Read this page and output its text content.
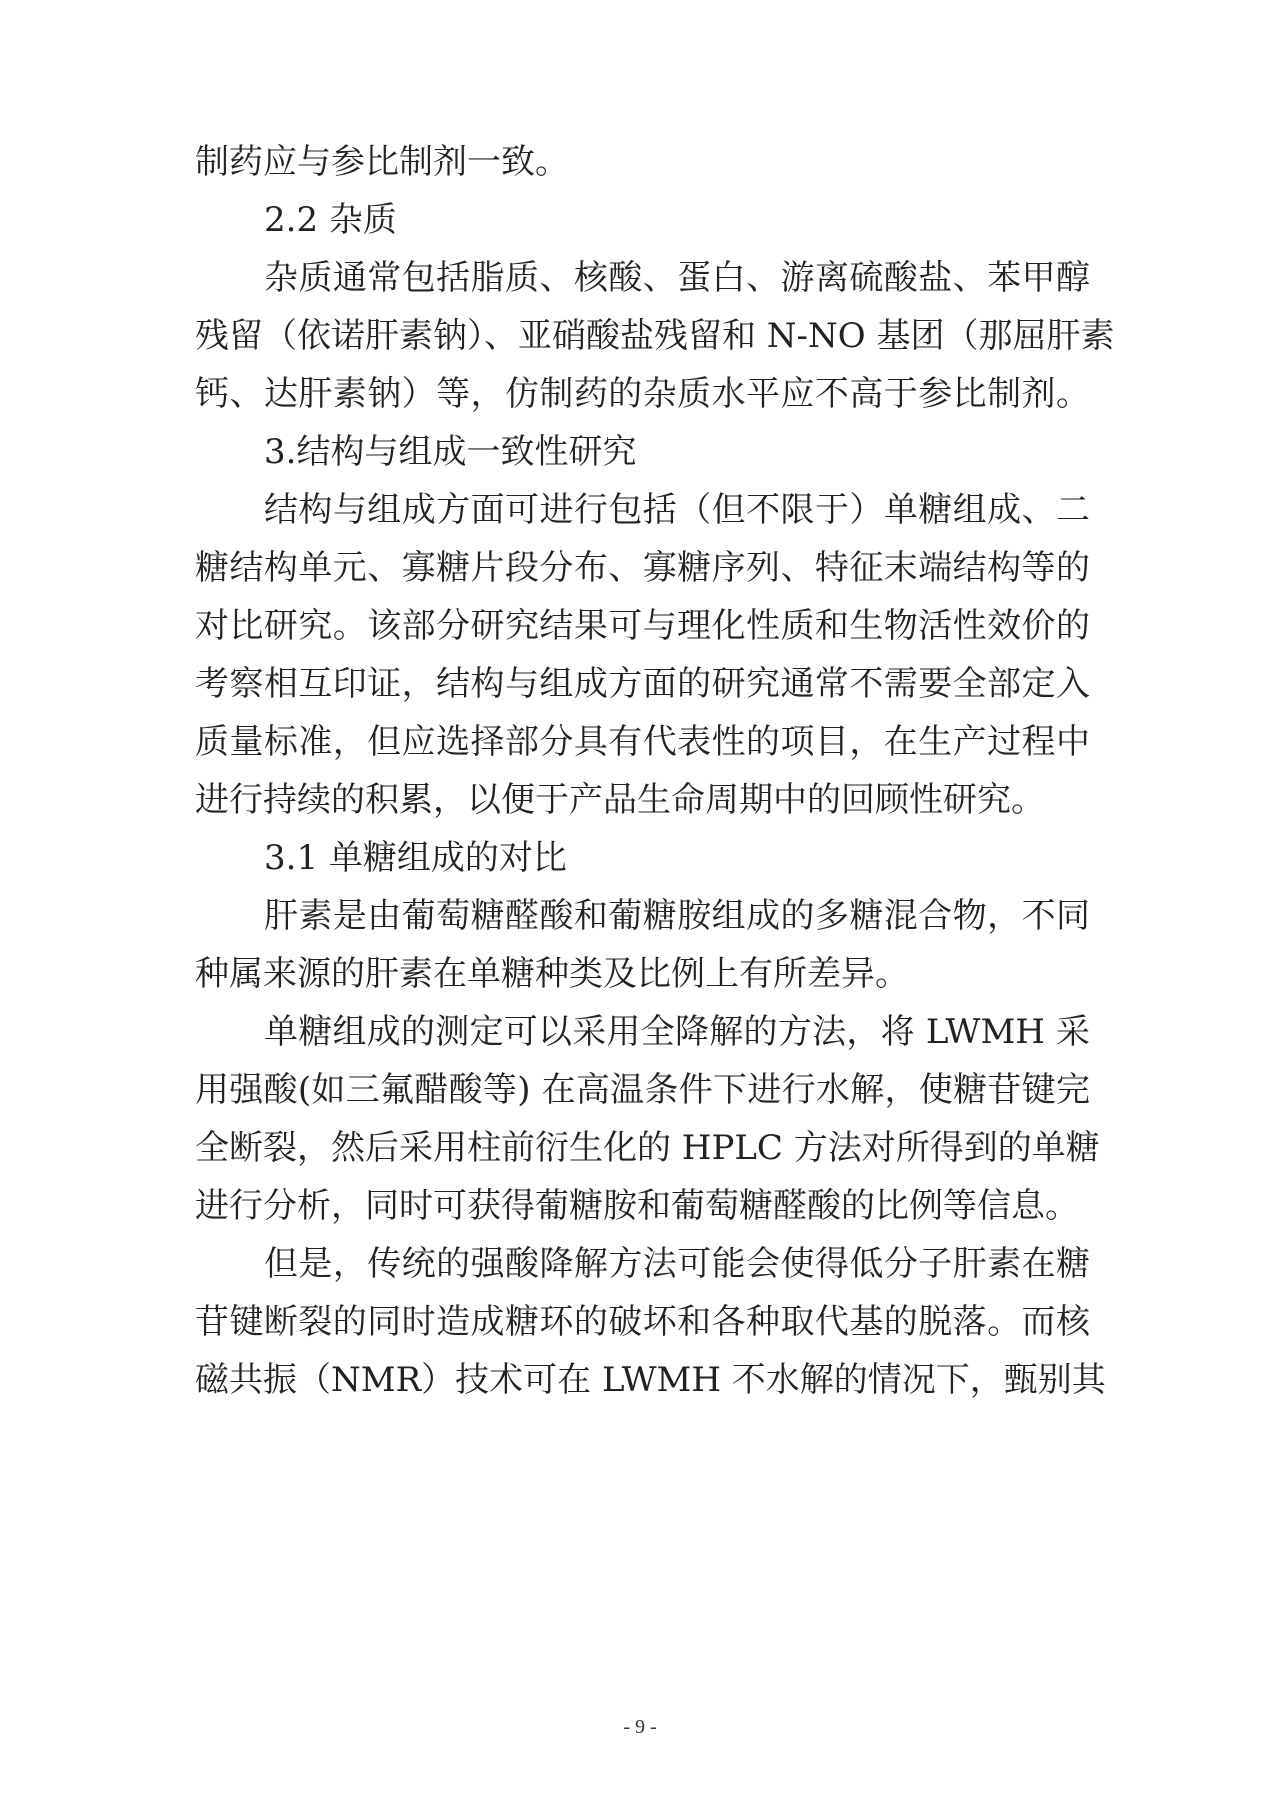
制药应与参比制剂一致。
2.2 杂质
杂质通常包括脂质、核酸、蛋白、游离硫酸盐、苯甲醇
残留（依诺肝素钠）、亚硝酸盐残留和 N-NO 基团（那屈肝素
钙、达肝素钠）等，仿制药的杂质水平应不高于参比制剂。
3.结构与组成一致性研究
结构与组成方面可进行包括（但不限于）单糖组成、二
糖结构单元、寡糖片段分布、寡糖序列、特征末端结构等的
对比研究。该部分研究结果可与理化性质和生物活性效价的
考察相互印证，结构与组成方面的研究通常不需要全部定入
质量标准，但应选择部分具有代表性的项目，在生产过程中
进行持续的积累，以便于产品生命周期中的回顾性研究。
3.1 单糖组成的对比
肝素是由葡萄糖醛酸和葡糖胺组成的多糖混合物，不同
种属来源的肝素在单糖种类及比例上有所差异。
单糖组成的测定可以采用全降解的方法，将 LWMH 采
用强酸(如三氟醋酸等) 在高温条件下进行水解，使糖苷键完
全断裂，然后采用柱前衍生化的 HPLC 方法对所得到的单糖
进行分析，同时可获得葡糖胺和葡萄糖醛酸的比例等信息。
但是，传统的强酸降解方法可能会使得低分子肝素在糖
苷键断裂的同时造成糖环的破坏和各种取代基的脱落。而核
磁共振（NMR）技术可在 LWMH 不水解的情况下，甄别其
- 9 -
